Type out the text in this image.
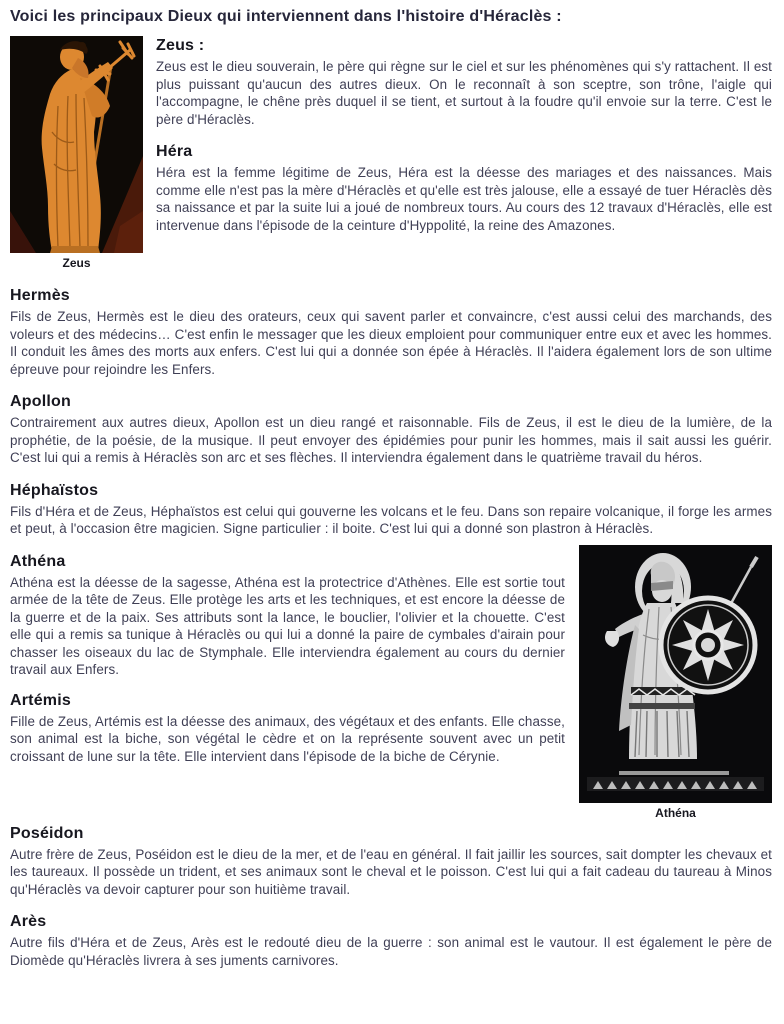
Voici les principaux Dieux qui interviennent dans l'histoire d'Héraclès :
Zeus
Zeus :

Zeus est le dieu souverain, le père qui règne sur le ciel et sur les phénomènes qui s'y rattachent. Il est plus puissant qu'aucun des autres dieux. On le reconnaît à son sceptre, son trône, l'aigle qui l'accompagne, le chêne près duquel il se tient, et surtout à la foudre qu'il envoie sur la terre. C'est le père d'Héraclès.

Héra

Héra est la femme légitime de Zeus, Héra est la déesse des mariages et des naissances. Mais comme elle n'est pas la mère d'Héraclès et qu'elle est très jalouse, elle a essayé de tuer Héraclès dès sa naissance et par la suite lui a joué de nombreux tours. Au cours des 12 travaux d'Héraclès, elle est intervenue dans l'épisode de la ceinture d'Hyppolité, la reine des Amazones.

Hermès

Fils de Zeus, Hermès est le dieu des orateurs, ceux qui savent parler et convaincre, c'est aussi celui des marchands, des voleurs et des médecins… C'est enfin le messager que les dieux emploient pour communiquer entre eux et avec les hommes. Il conduit les âmes des morts aux enfers. C'est lui qui a donnée son épée à Héraclès. Il l'aidera également lors de son ultime épreuve pour rejoindre les Enfers.

Apollon

Contrairement aux autres dieux, Apollon est un dieu rangé et raisonnable. Fils de Zeus, il est le dieu de la lumière, de la prophétie, de la poésie, de la musique. Il peut envoyer des épidémies pour punir les hommes, mais il sait aussi les guérir. C'est lui qui a remis à Héraclès son arc et ses flèches. Il interviendra également dans le quatrième travail du héros.

Héphaïstos

Fils d'Héra et de Zeus, Héphaïstos est celui qui gouverne les volcans et le feu. Dans son repaire volcanique, il forge les armes et peut, à l'occasion être magicien. Signe particulier : il boite. C'est lui qui a donné son plastron à Héraclès.

Athéna
Athéna

Athéna est la déesse de la sagesse, Athéna est la protectrice d'Athènes. Elle est sortie tout armée de la tête de Zeus. Elle protège les arts et les techniques, et est encore la déesse de la guerre et de la paix. Ses attributs sont la lance, le bouclier, l'olivier et la chouette. C'est elle qui a remis sa tunique à Héraclès ou qui lui a donné la paire de cymbales d'airain pour chasser les oiseaux du lac de Stymphale. Elle interviendra également au cours du dernier travail aux Enfers.

Artémis

Fille de Zeus, Artémis est la déesse des animaux, des végétaux et des enfants. Elle chasse, son animal est la biche, son végétal le cèdre et on la représente souvent avec un petit croissant de lune sur la tête. Elle intervient dans l'épisode de la biche de Cérynie.

Poséidon

Autre frère de Zeus, Poséidon est le dieu de la mer, et de l'eau en général. Il fait jaillir les sources, sait dompter les chevaux et les taureaux. Il possède un trident, et ses animaux sont le cheval et le poisson. C'est lui qui a fait cadeau du taureau à Minos qu'Héraclès va devoir capturer pour son huitième travail.

Arès

Autre fils d'Héra et de Zeus, Arès est le redouté dieu de la guerre : son animal est le vautour. Il est également le père de Diomède qu'Héraclès livrera à ses juments carnivores.
